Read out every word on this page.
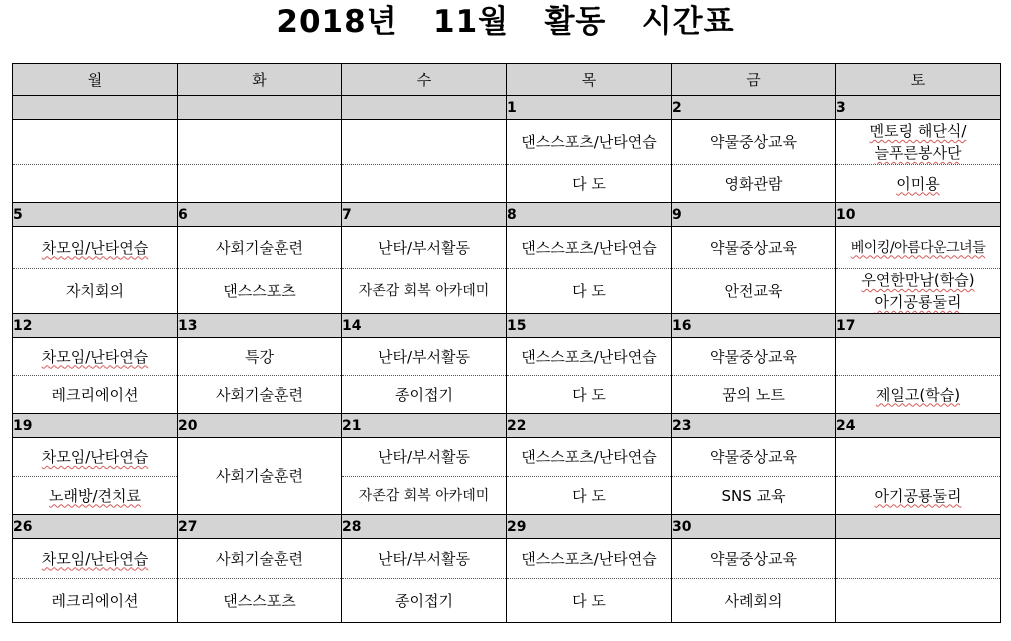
2018년   11월   활동   시간표
월	화	수	목	금	토
			1	2	3
			댄스스포츠/난타연습	약물중상교육	멘토링 해단식/
늘푸른봉사단
			다 도	영화관람	이미용
5	6	7	8	9	10
차모임/난타연습	사회기술훈련	난타/부서활동	댄스스포츠/난타연습	약물중상교육	베이킹/아름다운그녀들
자치회의	댄스스포츠	자존감 회복 아카데미	다 도	안전교육	우연한만남(학습)
아기공룡둘리
12	13	14	15	16	17
차모임/난타연습	특강	난타/부서활동	댄스스포츠/난타연습	약물중상교육	
레크리에이션	사회기술훈련	종이접기	다 도	꿈의 노트	제일고(학습)
19	20	21	22	23	24
차모임/난타연습	사회기술훈련	난타/부서활동	댄스스포츠/난타연습	약물중상교육	
노래방/견치료		자존감 회복 아카데미	다 도	SNS 교육	아기공룡둘리
26	27	28	29	30	
차모임/난타연습	사회기술훈련	난타/부서활동	댄스스포츠/난타연습	약물중상교육	
레크리에이션	댄스스포츠	종이접기	다 도	사례회의	
